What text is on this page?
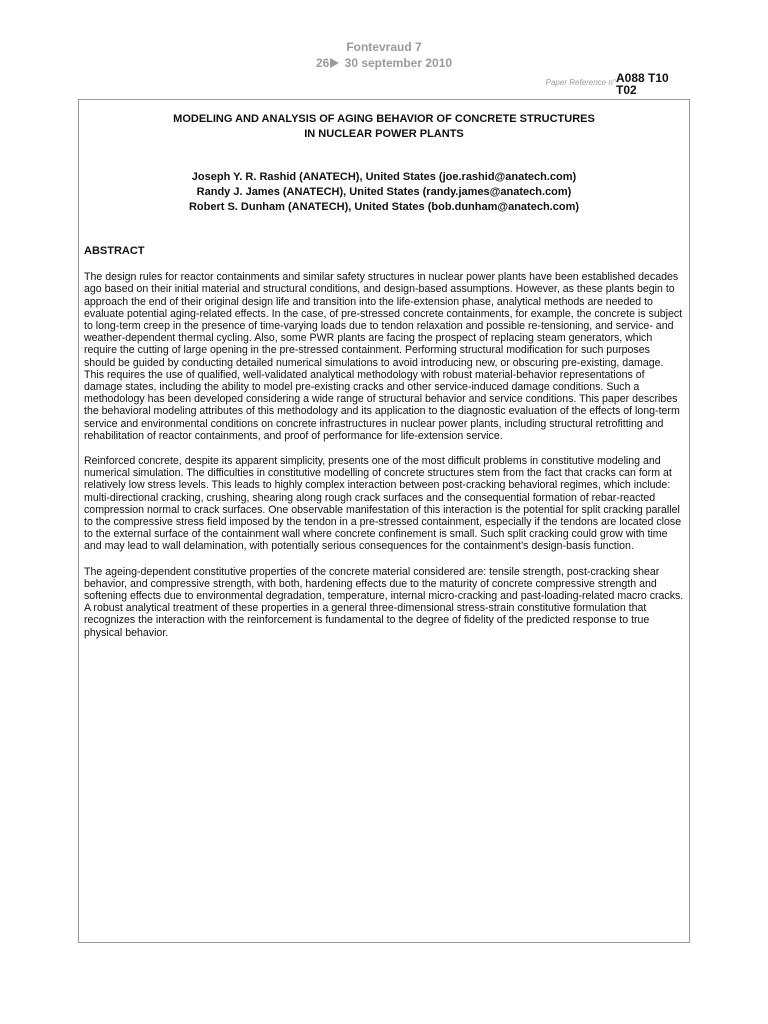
Fontevraud 7
26 30 september 2010
Paper Reference n°A088 T10 T02
MODELING AND ANALYSIS OF AGING BEHAVIOR OF CONCRETE STRUCTURES
IN NUCLEAR POWER PLANTS
Joseph Y. R. Rashid (ANATECH), United States (joe.rashid@anatech.com)
Randy J. James (ANATECH), United States (randy.james@anatech.com)
Robert S. Dunham (ANATECH), United States (bob.dunham@anatech.com)
ABSTRACT

The design rules for reactor containments and similar safety structures in nuclear power plants have been established decades ago based on their initial material and structural conditions, and design-based assumptions. However, as these plants begin to approach the end of their original design life and transition into the life-extension phase, analytical methods are needed to evaluate potential aging-related effects. In the case, of pre-stressed concrete containments, for example, the concrete is subject to long-term creep in the presence of time-varying loads due to tendon relaxation and possible re-tensioning, and service- and weather-dependent thermal cycling. Also, some PWR plants are facing the prospect of replacing steam generators, which require the cutting of large opening in the pre-stressed containment. Performing structural modification for such purposes should be guided by conducting detailed numerical simulations to avoid introducing new, or obscuring pre-existing, damage. This requires the use of qualified, well-validated analytical methodology with robust material-behavior representations of damage states, including the ability to model pre-existing cracks and other service-induced damage conditions. Such a methodology has been developed considering a wide range of structural behavior and service conditions. This paper describes the behavioral modeling attributes of this methodology and its application to the diagnostic evaluation of the effects of long-term service and environmental conditions on concrete infrastructures in nuclear power plants, including structural retrofitting and rehabilitation of reactor containments, and proof of performance for life-extension service.

Reinforced concrete, despite its apparent simplicity, presents one of the most difficult problems in constitutive modeling and numerical simulation. The difficulties in constitutive modelling of concrete structures stem from the fact that cracks can form at relatively low stress levels. This leads to highly complex interaction between post-cracking behavioral regimes, which include: multi-directional cracking, crushing, shearing along rough crack surfaces and the consequential formation of rebar-reacted compression normal to crack surfaces. One observable manifestation of this interaction is the potential for split cracking parallel to the compressive stress field imposed by the tendon in a pre-stressed containment, especially if the tendons are located close to the external surface of the containment wall where concrete confinement is small. Such split cracking could grow with time and may lead to wall delamination, with potentially serious consequences for the containment’s design-basis function.

The ageing-dependent constitutive properties of the concrete material considered are: tensile strength, post-cracking shear behavior, and compressive strength, with both, hardening effects due to the maturity of concrete compressive strength and softening effects due to environmental degradation, temperature, internal micro-cracking and past-loading-related macro cracks. A robust analytical treatment of these properties in a general three-dimensional stress-strain constitutive formulation that recognizes the interaction with the reinforcement is fundamental to the degree of fidelity of the predicted response to true physical behavior.
